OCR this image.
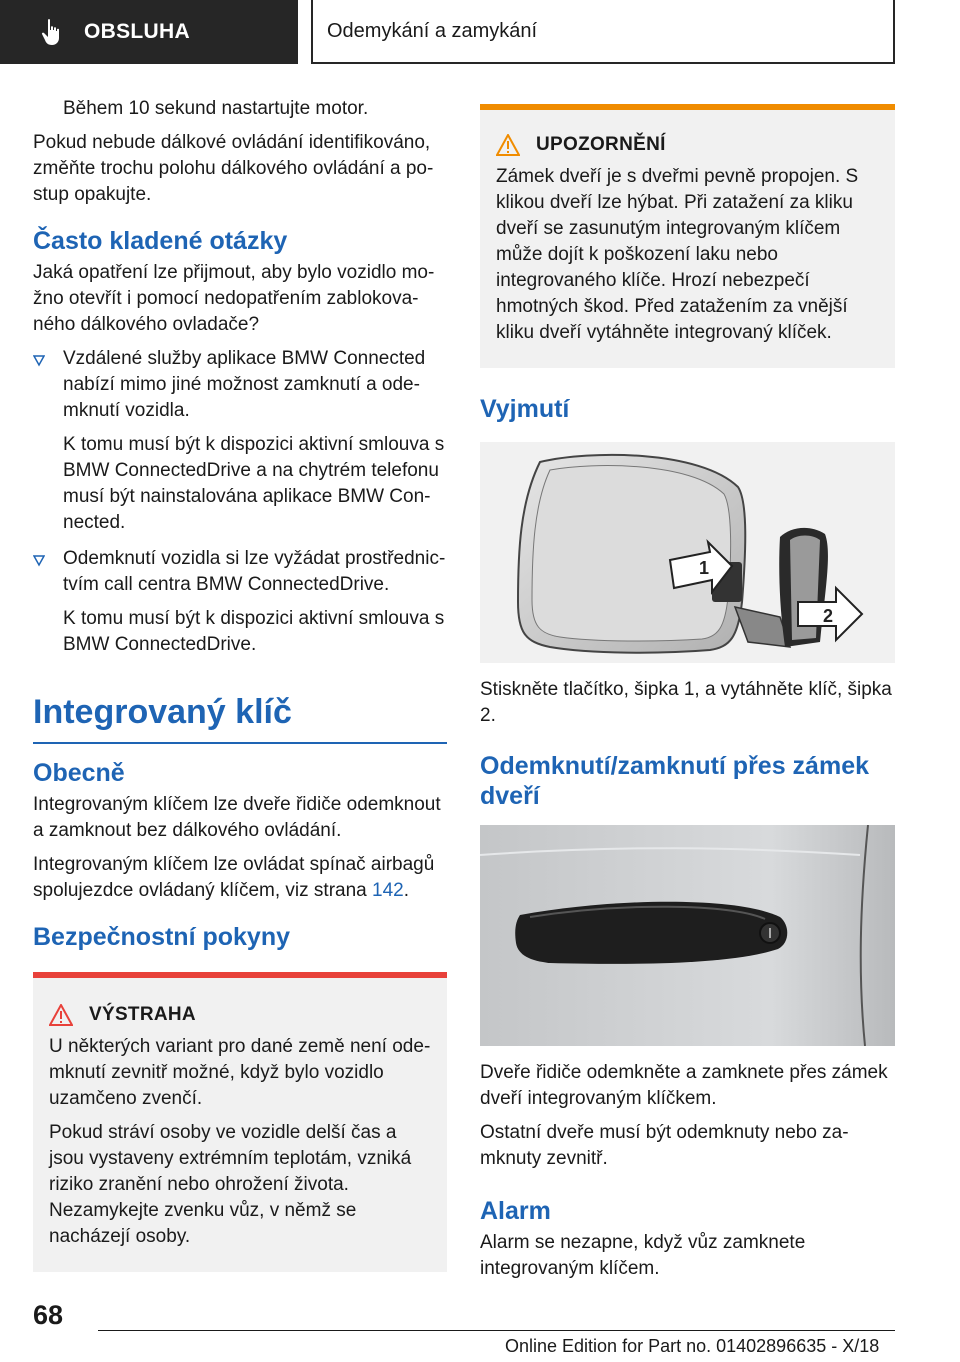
OBSLUHA	Odemykání a zamykání

Během 10 sekund nastartujte motor.

Pokud nebude dálkové ovládání identifikováno, změňte trochu polohu dálkového ovládání a postup opakujte.

Často kladené otázky

Jaká opatření lze přijmout, aby bylo vozidlo možno otevřít i pomocí nedopatřením zablokovaného dálkového ovladače?

Vzdálené služby aplikace BMW Connected nabízí mimo jiné možnost zamknutí a odemknutí vozidla.

K tomu musí být k dispozici aktivní smlouva s BMW ConnectedDrive a na chytrém telefonu musí být nainstalována aplikace BMW Connected.

Odemknutí vozidla si lze vyžádat prostřednictvím call centra BMW ConnectedDrive.

K tomu musí být k dispozici aktivní smlouva s BMW ConnectedDrive.

Integrovaný klíč
Obecně

Integrovaným klíčem lze dveře řidiče odemknout a zamknout bez dálkového ovládání.

Integrovaným klíčem lze ovládat spínač airbagů spolujezdce ovládaný klíčem, viz strana 142.

Bezpečnostní pokyny
VÝSTRAHA

U některých variant pro dané země není odemknutí zevnitř možné, když bylo vozidlo uzamčeno zvenčí.

Pokud stráví osoby ve vozidle delší čas a jsou vystaveny extrémním teplotám, vzniká riziko zranění nebo ohrožení života. Nezamykejte zvenku vůz, v němž se nacházejí osoby.

UPOZORNĚNÍ

Zámek dveří je s dveřmi pevně propojen. S klikou dveří lze hýbat. Při zatažení za kliku dveří se zasunutým integrovaným klíčem může dojít k poškození laku nebo integrovaného klíče. Hrozí nebezpečí hmotných škod. Před zatažením za vnější kliku dveří vytáhněte integrovaný klíček.

Vyjmutí
1
2

Stiskněte tlačítko, šipka 1, a vytáhněte klíč, šipka 2.

Odemknutí/zamknutí přes zámek dveří

Dveře řidiče odemkněte a zamknete přes zámek dveří integrovaným klíčkem.

Ostatní dveře musí být odemknuty nebo zamknuty zevnitř.

Alarm

Alarm se nezapne, když vůz zamknete integrovaným klíčem.

68
Online Edition for Part no. 01402896635 - X/18
